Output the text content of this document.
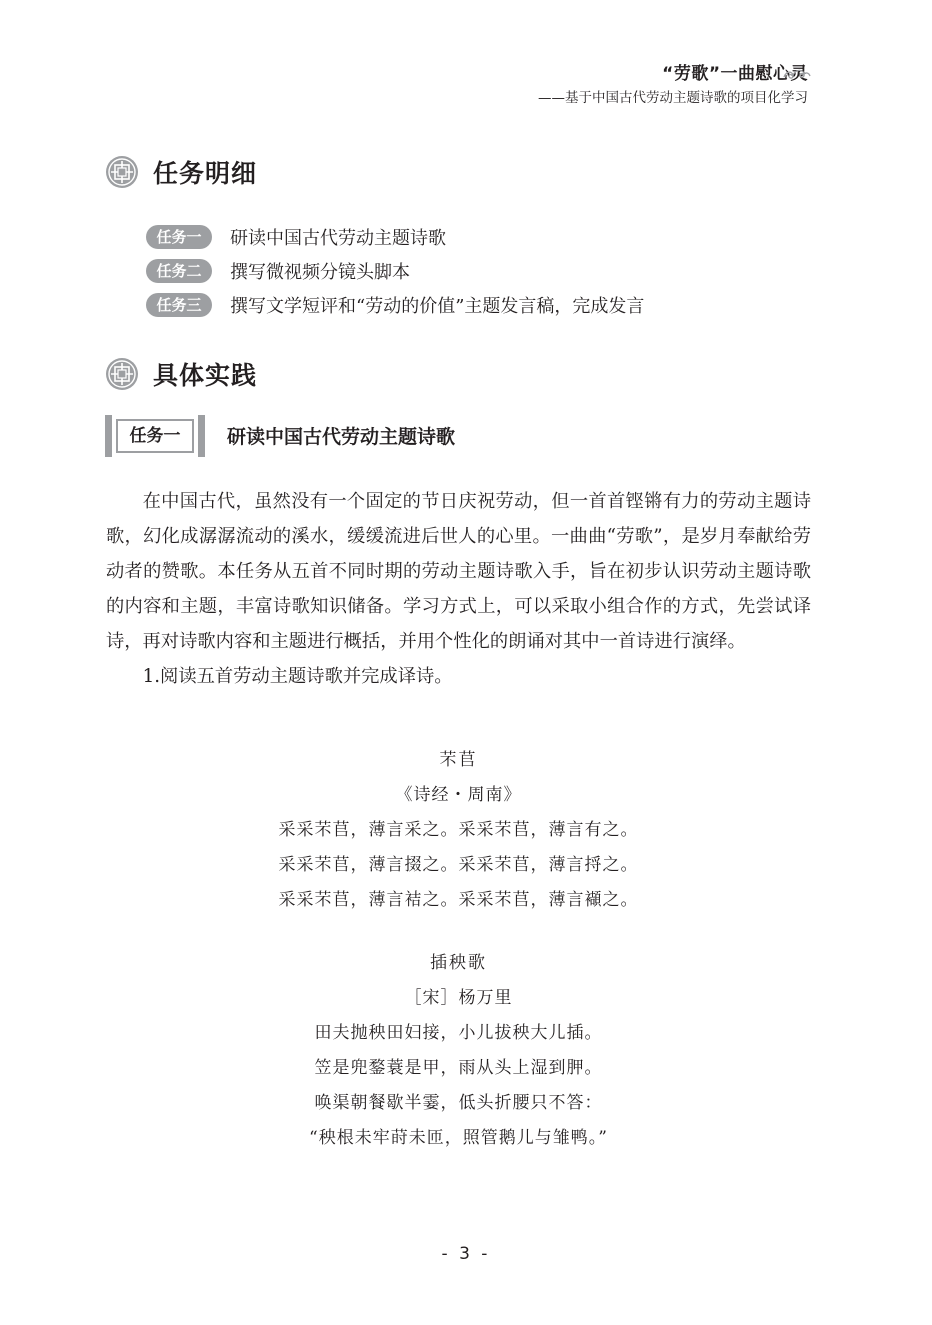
“劳歌”一曲慰心灵
——基于中国古代劳动主题诗歌的项目化学习
任务明细
任务一	研读中国古代劳动主题诗歌
任务二	撰写微视频分镜头脚本
任务三	撰写文学短评和“劳动的价值”主题发言稿，完成发言
具体实践
任务一	研读中国古代劳动主题诗歌

在中国古代，虽然没有一个固定的节日庆祝劳动，但一首首铿锵有力的劳动主题诗歌，幻化成潺潺流动的溪水，缓缓流进后世人的心里。一曲曲“劳歌”，是岁月奉献给劳动者的赞歌。本任务从五首不同时期的劳动主题诗歌入手，旨在初步认识劳动主题诗歌的内容和主题，丰富诗歌知识储备。学习方式上，可以采取小组合作的方式，先尝试译诗，再对诗歌内容和主题进行概括，并用个性化的朗诵对其中一首诗进行演绎。

1.阅读五首劳动主题诗歌并完成译诗。

芣苢
《诗经・周南》
采采芣苢，薄言采之。采采芣苢，薄言有之。
采采芣苢，薄言掇之。采采芣苢，薄言捋之。
采采芣苢，薄言袺之。采采芣苢，薄言襭之。
插秧歌
［宋］杨万里
田夫抛秧田妇接，小儿拔秧大儿插。
笠是兜鍪蓑是甲，雨从头上湿到胛。
唤渠朝餐歇半霎，低头折腰只不答：
“秧根未牢莳未匝，照管鹅儿与雏鸭。”
- 3 -
